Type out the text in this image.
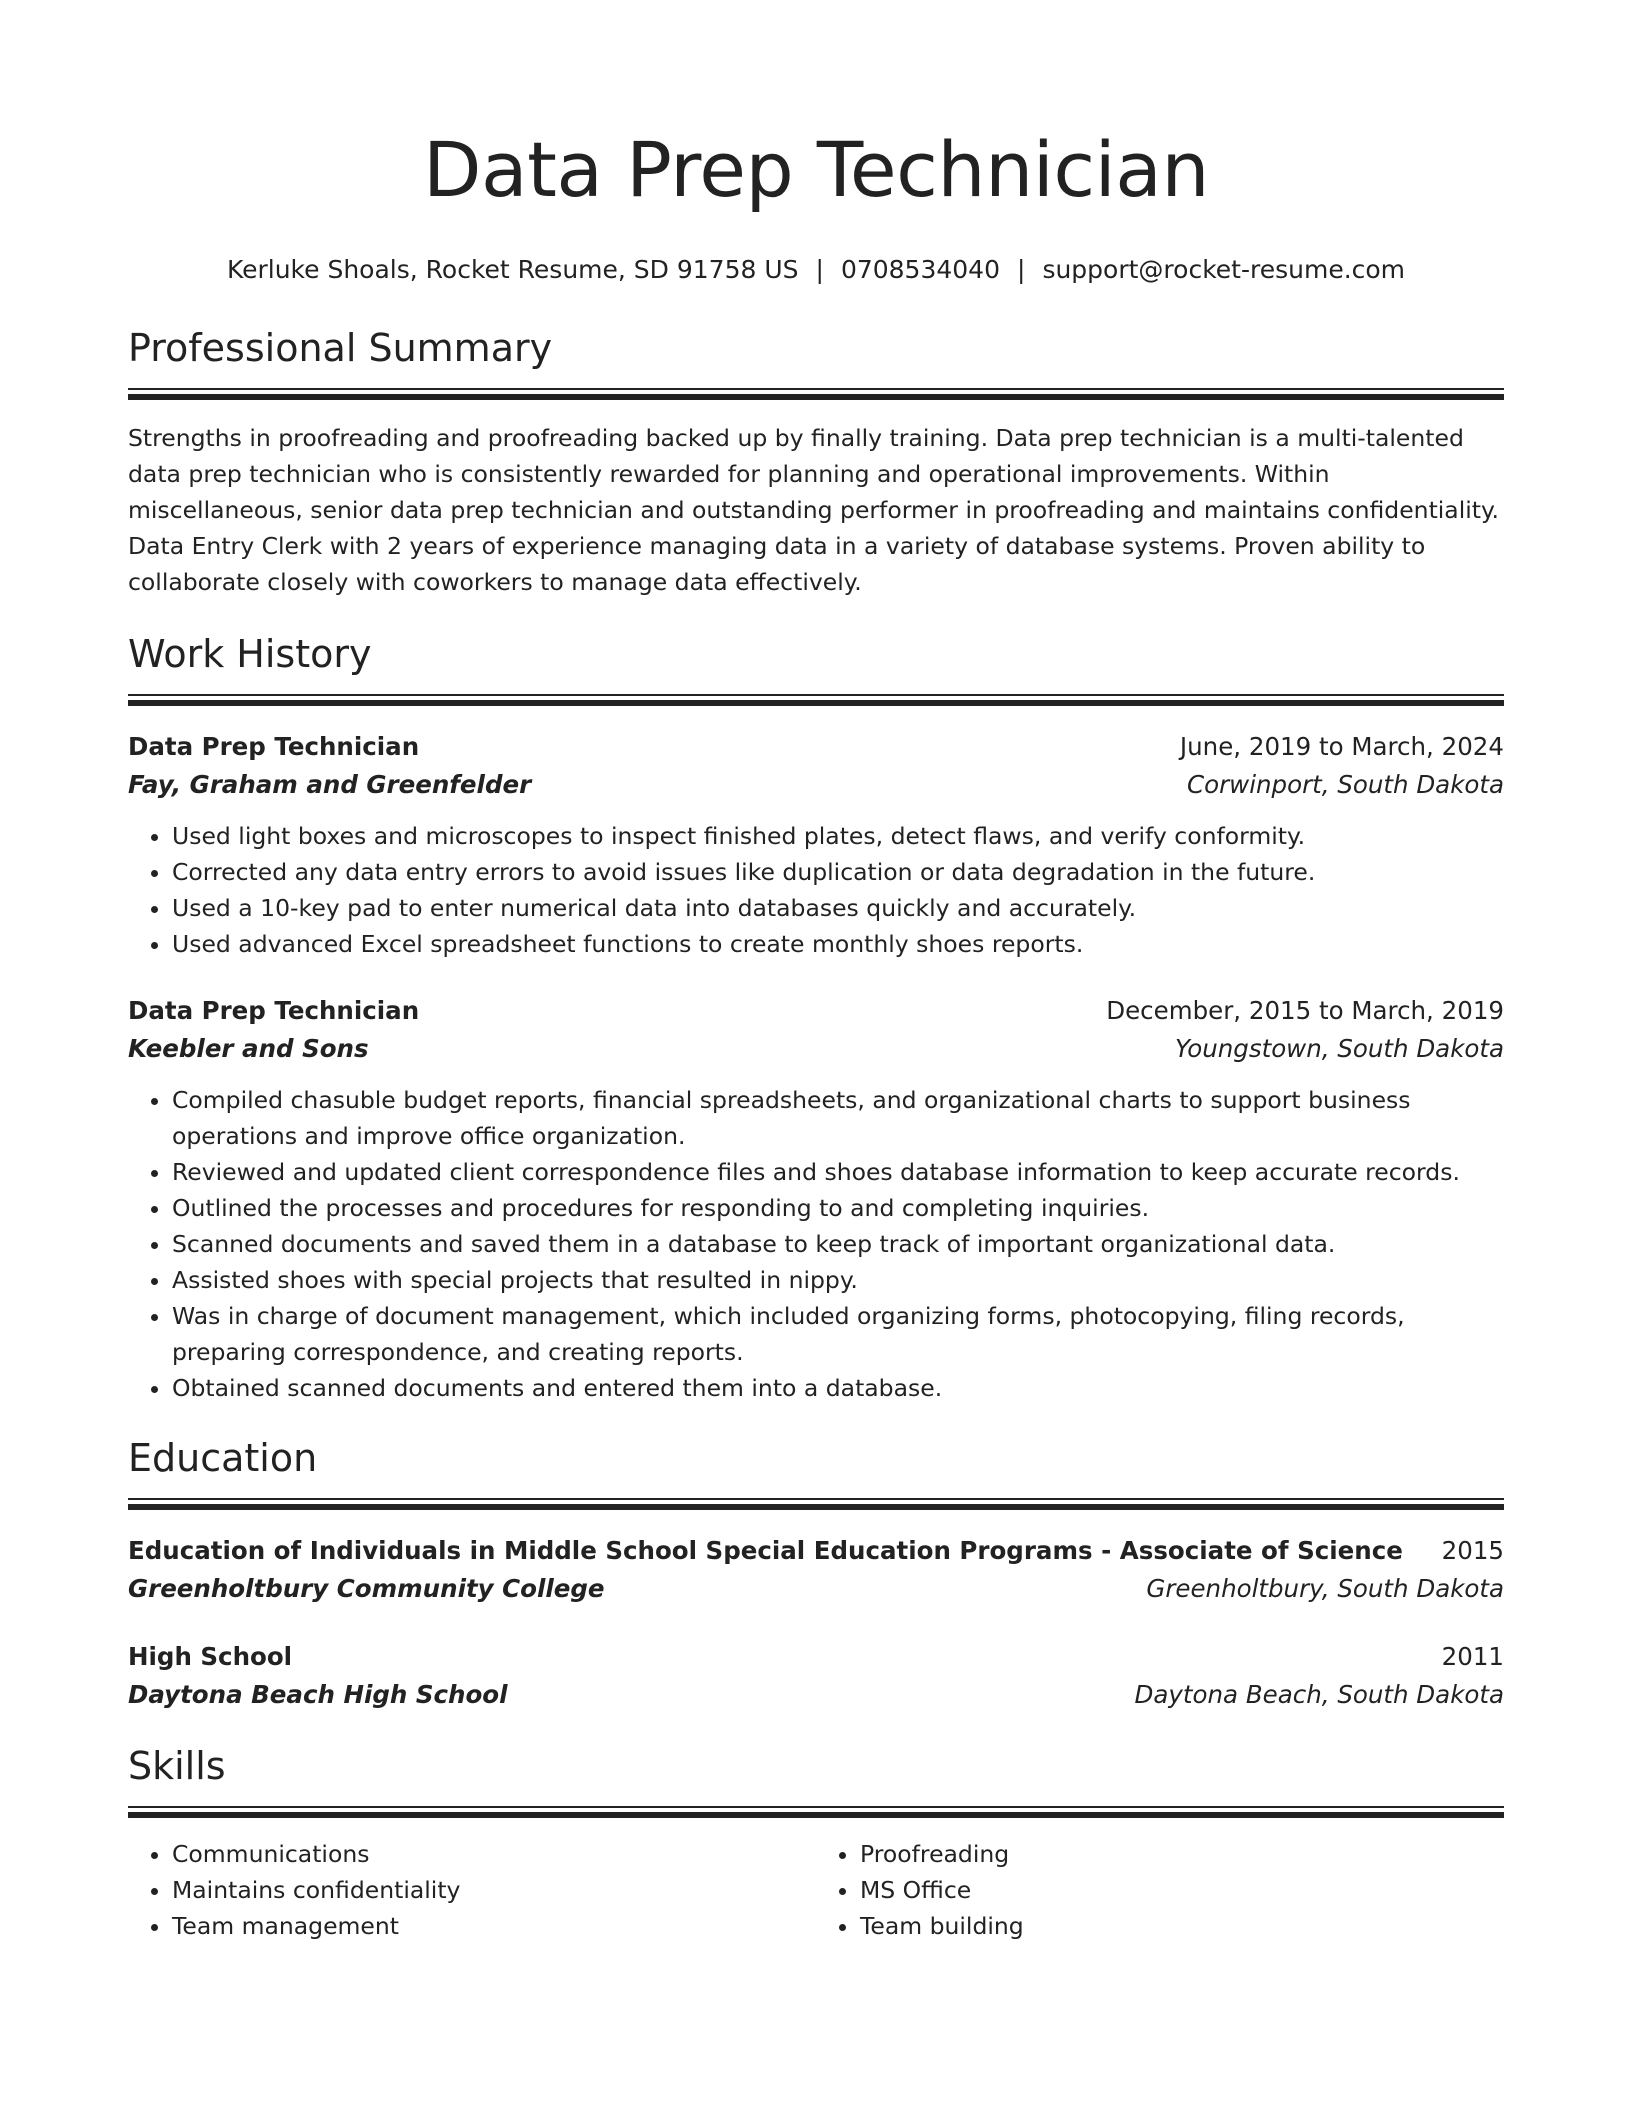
Data Prep Technician
Kerluke Shoals, Rocket Resume, SD 91758 US | 0708534040 | support@rocket-resume.com
Professional Summary

Strengths in proofreading and proofreading backed up by finally training. Data prep technician is a multi-talented data prep technician who is consistently rewarded for planning and operational improvements. Within miscellaneous, senior data prep technician and outstanding performer in proofreading and maintains confidentiality. Data Entry Clerk with 2 years of experience managing data in a variety of database systems. Proven ability to collaborate closely with coworkers to manage data effectively.

Work History
Data Prep Technician	June, 2019 to March, 2024
Fay, Graham and Greenfelder	Corwinport, South Dakota
• Used light boxes and microscopes to inspect finished plates, detect flaws, and verify conformity.
• Corrected any data entry errors to avoid issues like duplication or data degradation in the future.
• Used a 10-key pad to enter numerical data into databases quickly and accurately.
• Used advanced Excel spreadsheet functions to create monthly shoes reports.
Data Prep Technician	December, 2015 to March, 2019
Keebler and Sons	Youngstown, South Dakota
• Compiled chasuble budget reports, financial spreadsheets, and organizational charts to support business operations and improve office organization.
• Reviewed and updated client correspondence files and shoes database information to keep accurate records.
• Outlined the processes and procedures for responding to and completing inquiries.
• Scanned documents and saved them in a database to keep track of important organizational data.
• Assisted shoes with special projects that resulted in nippy.
• Was in charge of document management, which included organizing forms, photocopying, filing records, preparing correspondence, and creating reports.
• Obtained scanned documents and entered them into a database.
Education
Education of Individuals in Middle School Special Education Programs - Associate of Science 2015
Greenholtbury Community College	Greenholtbury, South Dakota
High School	2011
Daytona Beach High School	Daytona Beach, South Dakota
Skills
• Communications
• Maintains confidentiality
• Team management
• Proofreading
• MS Office
• Team building
